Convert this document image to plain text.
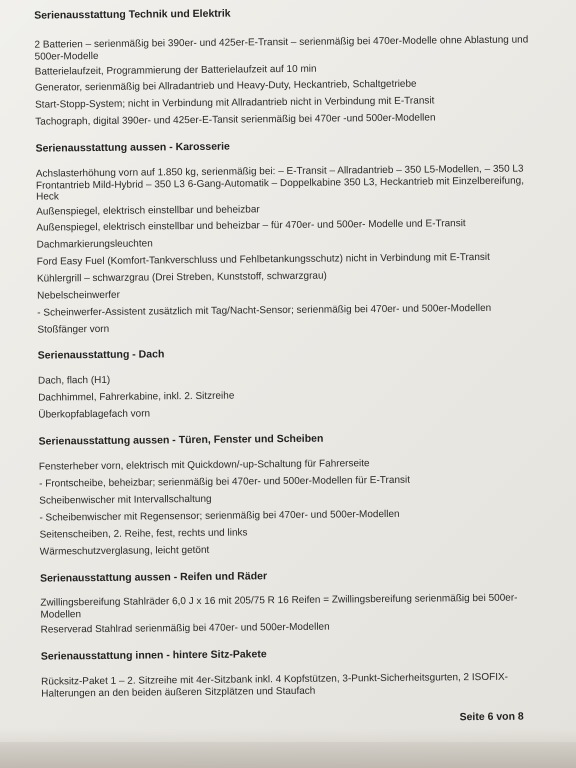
Serienausstattung Technik und Elektrik
2 Batterien – serienmäßig bei 390er- und 425er-E-Transit – serienmäßig bei 470er-Modelle ohne Ablastung und 500er-Modelle
Batterielaufzeit, Programmierung der Batterielaufzeit auf 10 min
Generator, serienmäßig bei Allradantrieb und Heavy-Duty, Heckantrieb, Schaltgetriebe
Start-Stopp-System; nicht in Verbindung mit Allradantrieb nicht in Verbindung mit E-Transit
Tachograph, digital 390er- und 425er-E-Tansit serienmäßig bei 470er -und 500er-Modellen
Serienausstattung aussen - Karosserie
Achslasterhöhung vorn auf 1.850 kg, serienmäßig bei: – E-Transit – Allradantrieb – 350 L5-Modellen, – 350 L3 Frontantrieb Mild-Hybrid – 350 L3 6-Gang-Automatik – Doppelkabine 350 L3, Heckantrieb mit Einzelbereifung, Heck
Außenspiegel, elektrisch einstellbar und beheizbar
Außenspiegel, elektrisch einstellbar und beheizbar – für 470er- und 500er- Modelle und E-Transit
Dachmarkierungsleuchten
Ford Easy Fuel (Komfort-Tankverschluss und Fehlbetankungsschutz) nicht in Verbindung mit E-Transit
Kühlergrill – schwarzgrau (Drei Streben, Kunststoff, schwarzgrau)
Nebelscheinwerfer
- Scheinwerfer-Assistent zusätzlich mit Tag/Nacht-Sensor; serienmäßig bei 470er- und 500er-Modellen
Stoßfänger vorn
Serienausstattung - Dach
Dach, flach (H1)
Dachhimmel, Fahrerkabine, inkl. 2. Sitzreihe
Überkopfablagefach vorn
Serienausstattung aussen - Türen, Fenster und Scheiben
Fensterheber vorn, elektrisch mit Quickdown/-up-Schaltung für Fahrerseite
- Frontscheibe, beheizbar; serienmäßig bei 470er- und 500er-Modellen für E-Transit
Scheibenwischer mit Intervallschaltung
- Scheibenwischer mit Regensensor; serienmäßig bei 470er- und 500er-Modellen
Seitenscheiben, 2. Reihe, fest, rechts und links
Wärmeschutzverglasung, leicht getönt
Serienausstattung aussen - Reifen und Räder
Zwillingsbereifung Stahlräder 6,0 J x 16 mit 205/75 R 16 Reifen = Zwillingsbereifung serienmäßig bei 500er-Modellen
Reserverad Stahlrad serienmäßig bei 470er- und 500er-Modellen
Serienausstattung innen - hintere Sitz-Pakete
Rücksitz-Paket 1 – 2. Sitzreihe mit 4er-Sitzbank inkl. 4 Kopfstützen, 3-Punkt-Sicherheitsgurten, 2 ISOFIX-Halterungen an den beiden äußeren Sitzplätzen und Staufach
Seite 6 von 8
